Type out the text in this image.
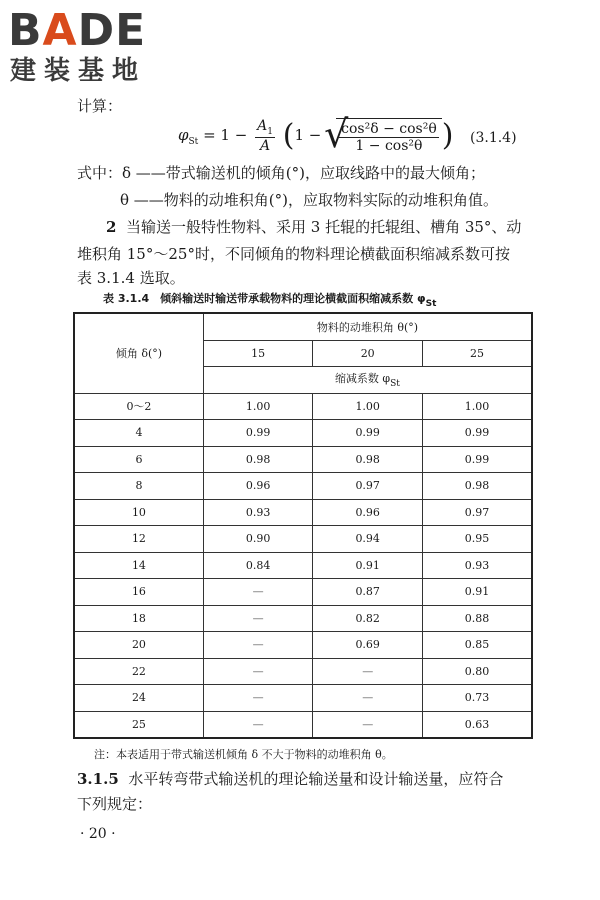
BADE
建装基地
计算：
$\varphi_{St} = 1 - \frac{A_1}{A} (1$ − √
$\frac{\text{cos²δ − cos²θ}}{\text{1 − cos²θ}}$ ) (3.1.4)
式中：δ ——带式输送机的倾角(°)，应取线路中的最大倾角；
θ ——物料的动堆积角(°)，应取物料实际的动堆积角值。
2 当输送一般特性物料、采用 3 托辊的托辊组、槽角 35°、动
堆积角 15°～25°时，不同倾角的物料理论横截面积缩减系数可按
表 3.1.4 选取。
表 3.1.4　倾斜输送时输送带承载物料的理论横截面积缩减系数 $\varphi_{St}$
倾角 δ(°)	物料的动堆积角 θ(°)		
	15	20	25
	缩减系数 $\varphi_{St}$
0～2	1.00	1.00	1.00
4	0.99	0.99	0.99
6	0.98	0.98	0.99
8	0.96	0.97	0.98
10	0.93	0.96	0.97
12	0.90	0.94	0.95
14	0.84	0.91	0.93
16	—	0.87	0.91
18	—	0.82	0.88
20	—	0.69	0.85
22	—	—	0.80
24	—	—	0.73
25	—	—	0.63
注：本表适用于带式输送机倾角 δ 不大于物料的动堆积角 θ。
3.1.5 水平转弯带式输送机的理论输送量和设计输送量，应符合
下列规定：
· 20 ·
